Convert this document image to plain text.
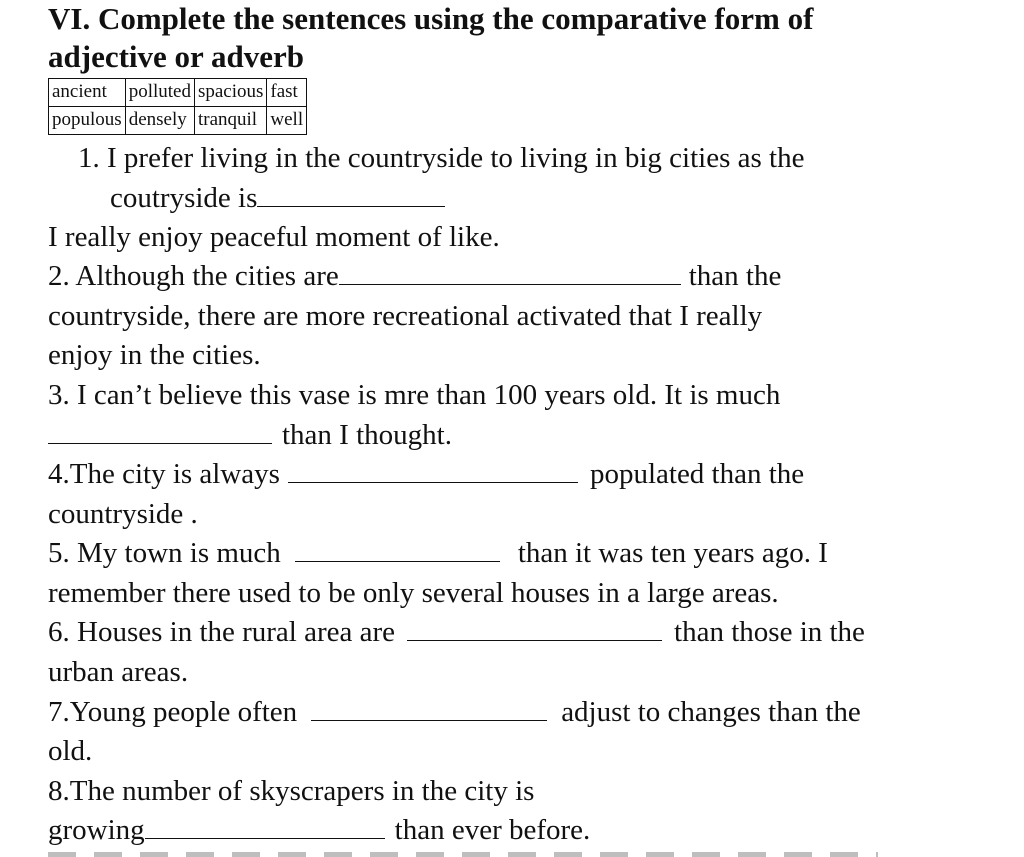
VI. Complete the sentences using the comparative form of
adjective or adverb
ancient	polluted	spacious	fast
populous	densely	tranquil	well

1. I prefer living in the countryside to living in big cities as the

coutryside is

I really enjoy peaceful moment of like.

2. Although the cities are	than the

countryside, there are more recreational activated that I really

enjoy in the cities.

3. I can’t believe this vase is mre than 100 years old. It is much

than I thought.

4.The city is always	populated than the

countryside .

5. My town is much	than it was ten years ago. I

remember there used to be only several houses in a large areas.

6. Houses in the rural area are	than those in the

urban areas.

7.Young people often	adjust to changes than the

old.

8.The number of skyscrapers in the city is

growing	than ever before.
